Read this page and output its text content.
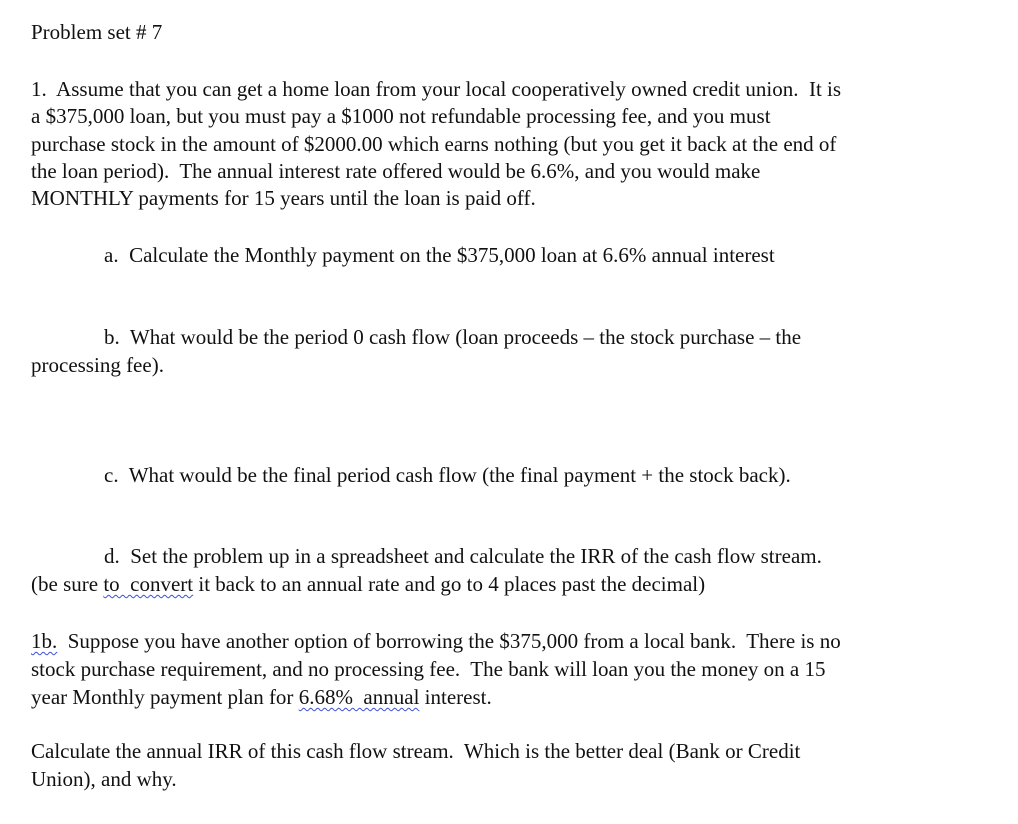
Problem set # 7
1.  Assume that you can get a home loan from your local cooperatively owned credit union.  It is
a $375,000 loan, but you must pay a $1000 not refundable processing fee, and you must
purchase stock in the amount of $2000.00 which earns nothing (but you get it back at the end of
the loan period).  The annual interest rate offered would be 6.6%, and you would make
MONTHLY payments for 15 years until the loan is paid off.
a.  Calculate the Monthly payment on the $375,000 loan at 6.6% annual interest
b.  What would be the period 0 cash flow (loan proceeds – the stock purchase – the
processing fee).
c.  What would be the final period cash flow (the final payment + the stock back).
d.  Set the problem up in a spreadsheet and calculate the IRR of the cash flow stream.
(be sure to  convert it back to an annual rate and go to 4 places past the decimal)
1b.  Suppose you have another option of borrowing the $375,000 from a local bank.  There is no
stock purchase requirement, and no processing fee.  The bank will loan you the money on a 15
year Monthly payment plan for 6.68%  annual interest.
Calculate the annual IRR of this cash flow stream.  Which is the better deal (Bank or Credit
Union), and why.
